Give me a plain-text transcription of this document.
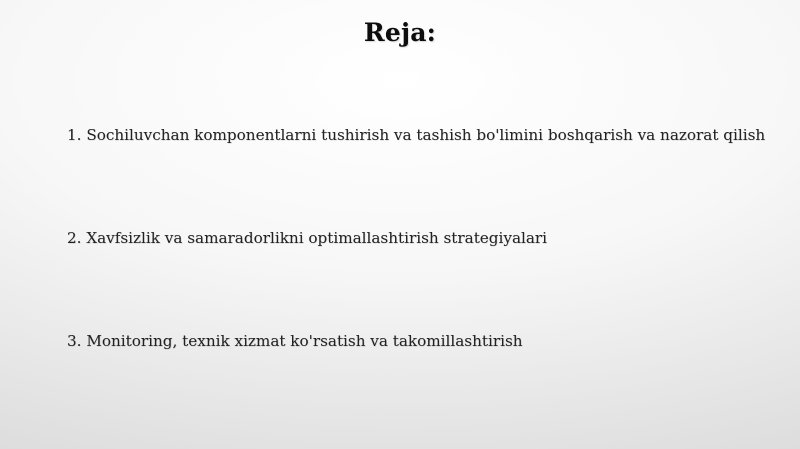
Reja:
1. Sochiluvchan komponentlarni tushirish va tashish bo'limini boshqarish va nazorat qilish
2. Xavfsizlik va samaradorlikni optimallashtirish strategiyalari
3. Monitoring, texnik xizmat ko'rsatish va takomillashtirish
